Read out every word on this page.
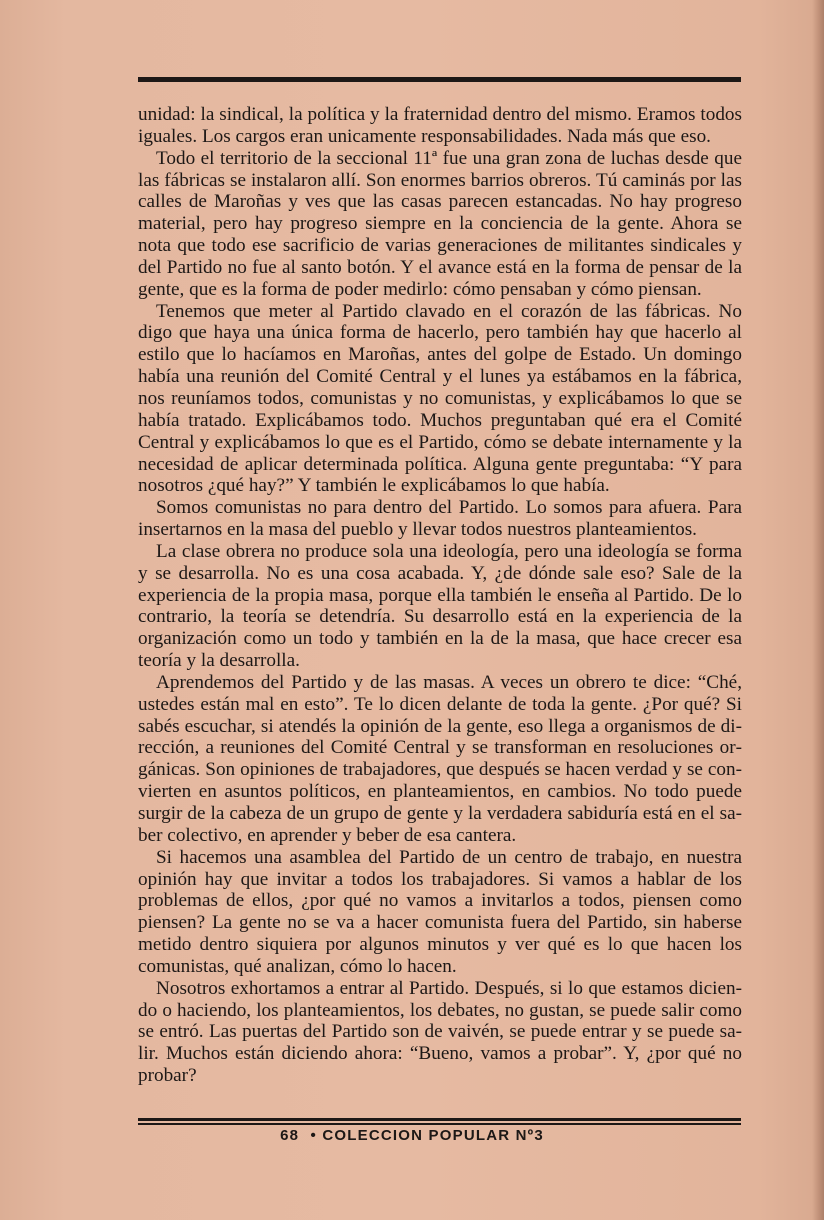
unidad: la sindical, la política y la fraternidad dentro del mismo. Eramos todos iguales. Los cargos eran unicamente responsabilidades. Nada más que eso.

Todo el territorio de la seccional 11ª fue una gran zona de luchas desde que las fábricas se instalaron allí. Son enormes barrios obreros. Tú caminás por las calles de Maroñas y ves que las casas parecen estancadas. No hay progreso material, pero hay progreso siempre en la conciencia de la gente. Ahora se nota que todo ese sacrificio de varias generaciones de militantes sindicales y del Partido no fue al santo botón. Y el avance está en la forma de pensar de la gente, que es la forma de poder medirlo: cómo pensaban y cómo piensan.

Tenemos que meter al Partido clavado en el corazón de las fábricas. No digo que haya una única forma de hacerlo, pero también hay que hacerlo al estilo que lo hacíamos en Maroñas, antes del golpe de Estado. Un domingo había una reunión del Comité Central y el lunes ya estábamos en la fábrica, nos reuníamos todos, comunistas y no comunistas, y explicábamos lo que se había tratado. Explicábamos todo. Muchos preguntaban qué era el Comité Central y explicábamos lo que es el Partido, cómo se debate internamente y la necesidad de aplicar determinada política. Alguna gente preguntaba: “Y para nosotros ¿qué hay?” Y también le explicábamos lo que había.

Somos comunistas no para dentro del Partido. Lo somos para afuera. Para insertarnos en la masa del pueblo y llevar todos nuestros planteamientos.

La clase obrera no produce sola una ideología, pero una ideología se forma y se desarrolla. No es una cosa acabada. Y, ¿de dónde sale eso? Sale de la experiencia de la propia masa, porque ella también le enseña al Partido. De lo contrario, la teoría se detendría. Su desarrollo está en la experiencia de la organización como un todo y también en la de la masa, que hace crecer esa teoría y la desarrolla.

Aprendemos del Partido y de las masas. A veces un obrero te dice: “Ché, ustedes están mal en esto”. Te lo dicen delante de toda la gente. ¿Por qué? Si sabés escuchar, si atendés la opinión de la gente, eso llega a organismos de dirección, a reuniones del Comité Central y se transforman en resoluciones orgánicas. Son opiniones de trabajadores, que después se hacen verdad y se convierten en asuntos políticos, en planteamientos, en cambios. No todo puede surgir de la cabeza de un grupo de gente y la verdadera sabiduría está en el saber colectivo, en aprender y beber de esa cantera.

Si hacemos una asamblea del Partido de un centro de trabajo, en nuestra opinión hay que invitar a todos los trabajadores. Si vamos a hablar de los problemas de ellos, ¿por qué no vamos a invitarlos a todos, piensen como piensen? La gente no se va a hacer comunista fuera del Partido, sin haberse metido dentro siquiera por algunos minutos y ver qué es lo que hacen los comunistas, qué analizan, cómo lo hacen.

Nosotros exhortamos a entrar al Partido. Después, si lo que estamos diciendo o haciendo, los planteamientos, los debates, no gustan, se puede salir como se entró. Las puertas del Partido son de vaivén, se puede entrar y se puede salir. Muchos están diciendo ahora: “Bueno, vamos a probar”. Y, ¿por qué no probar?

68 • COLECCION POPULAR Nº3
